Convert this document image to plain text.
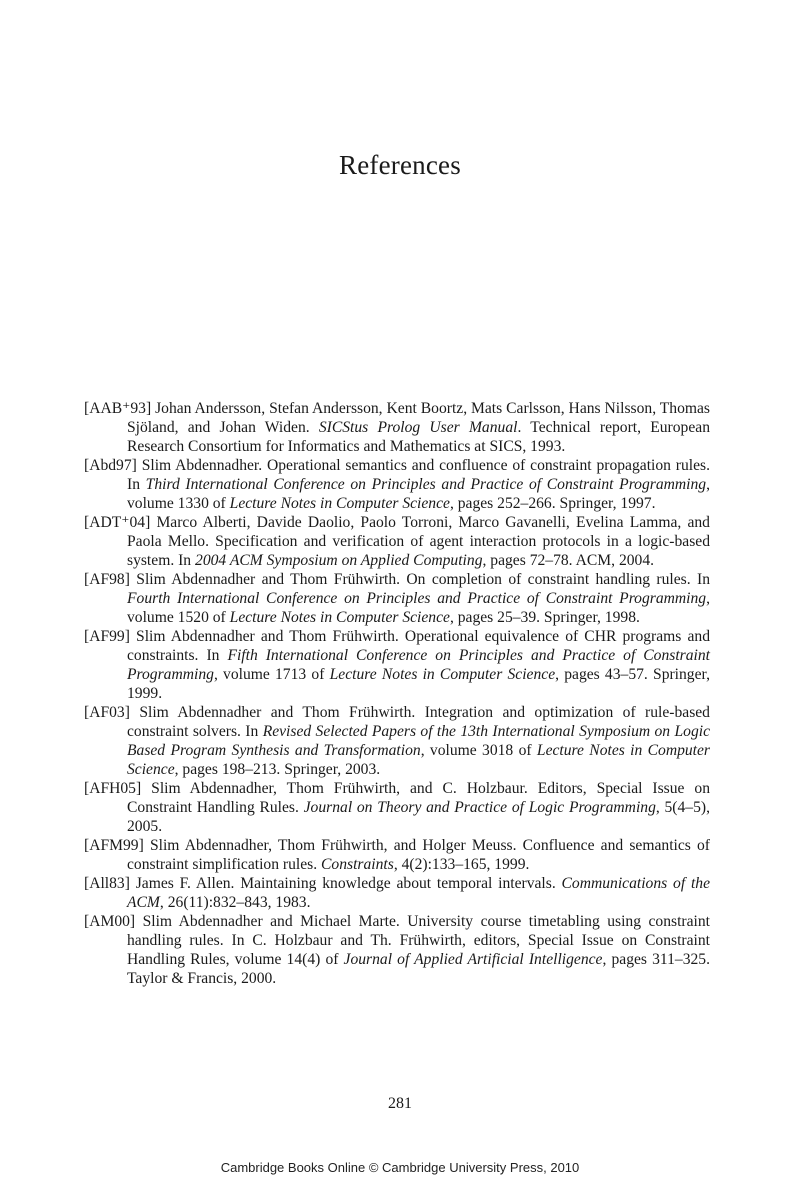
References

[AAB⁺93] Johan Andersson, Stefan Andersson, Kent Boortz, Mats Carlsson, Hans Nilsson, Thomas Sjöland, and Johan Widen. SICStus Prolog User Manual. Technical report, European Research Consortium for Informatics and Mathematics at SICS, 1993.

[Abd97] Slim Abdennadher. Operational semantics and confluence of constraint propagation rules. In Third International Conference on Principles and Practice of Constraint Programming, volume 1330 of Lecture Notes in Computer Science, pages 252–266. Springer, 1997.

[ADT⁺04] Marco Alberti, Davide Daolio, Paolo Torroni, Marco Gavanelli, Evelina Lamma, and Paola Mello. Specification and verification of agent interaction protocols in a logic-based system. In 2004 ACM Symposium on Applied Computing, pages 72–78. ACM, 2004.

[AF98] Slim Abdennadher and Thom Frühwirth. On completion of constraint handling rules. In Fourth International Conference on Principles and Practice of Constraint Programming, volume 1520 of Lecture Notes in Computer Science, pages 25–39. Springer, 1998.

[AF99] Slim Abdennadher and Thom Frühwirth. Operational equivalence of CHR programs and constraints. In Fifth International Conference on Principles and Practice of Constraint Programming, volume 1713 of Lecture Notes in Computer Science, pages 43–57. Springer, 1999.

[AF03] Slim Abdennadher and Thom Frühwirth. Integration and optimization of rule-based constraint solvers. In Revised Selected Papers of the 13th International Symposium on Logic Based Program Synthesis and Transformation, volume 3018 of Lecture Notes in Computer Science, pages 198–213. Springer, 2003.

[AFH05] Slim Abdennadher, Thom Frühwirth, and C. Holzbaur. Editors, Special Issue on Constraint Handling Rules. Journal on Theory and Practice of Logic Programming, 5(4–5), 2005.

[AFM99] Slim Abdennadher, Thom Frühwirth, and Holger Meuss. Confluence and semantics of constraint simplification rules. Constraints, 4(2):133–165, 1999.

[All83] James F. Allen. Maintaining knowledge about temporal intervals. Communications of the ACM, 26(11):832–843, 1983.

[AM00] Slim Abdennadher and Michael Marte. University course timetabling using constraint handling rules. In C. Holzbaur and Th. Frühwirth, editors, Special Issue on Constraint Handling Rules, volume 14(4) of Journal of Applied Artificial Intelligence, pages 311–325. Taylor & Francis, 2000.

281
Cambridge Books Online © Cambridge University Press, 2010
